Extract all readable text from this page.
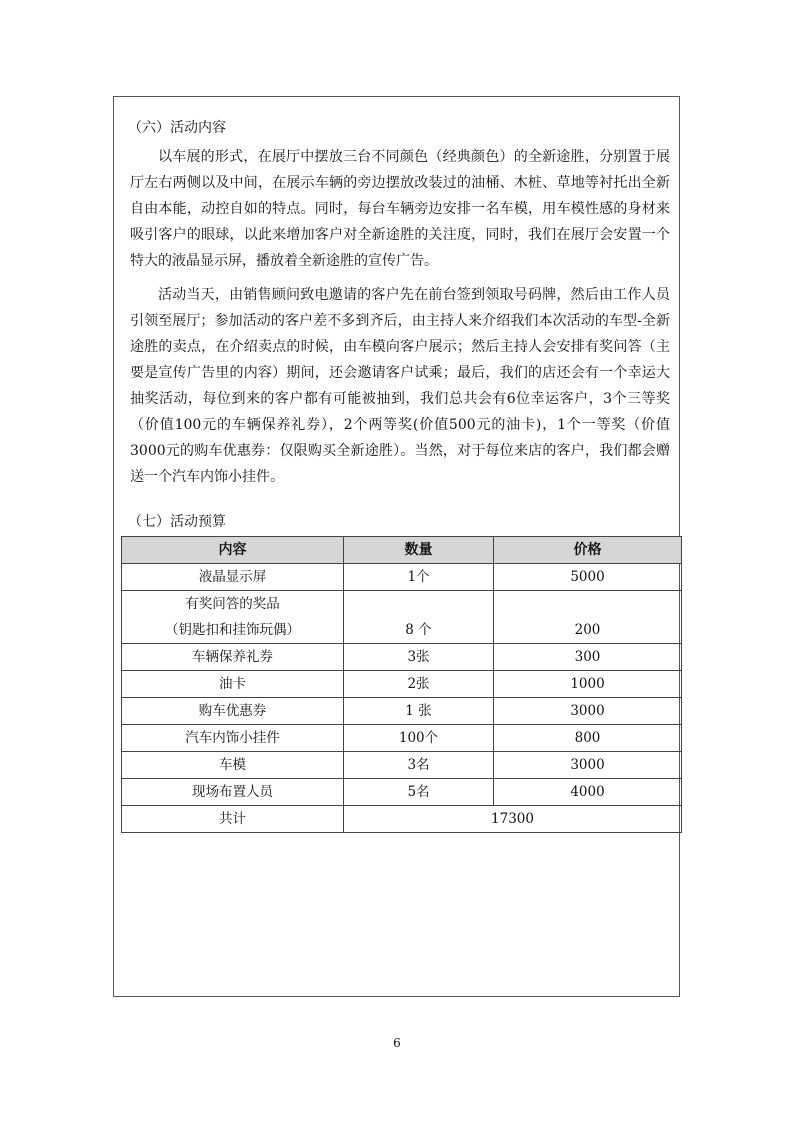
（六）活动内容

以车展的形式，在展厅中摆放三台不同颜色（经典颜色）的全新途胜，分别置于展厅左右两侧以及中间，在展示车辆的旁边摆放改装过的油桶、木桩、草地等衬托出全新自由本能，动控自如的特点。同时，每台车辆旁边安排一名车模，用车模性感的身材来吸引客户的眼球，以此来增加客户对全新途胜的关注度，同时，我们在展厅会安置一个特大的液晶显示屏，播放着全新途胜的宣传广告。

活动当天，由销售顾问致电邀请的客户先在前台签到领取号码牌，然后由工作人员引领至展厅；参加活动的客户差不多到齐后，由主持人来介绍我们本次活动的车型-全新途胜的卖点，在介绍卖点的时候，由车模向客户展示；然后主持人会安排有奖问答（主要是宣传广告里的内容）期间，还会邀请客户试乘；最后，我们的店还会有一个幸运大抽奖活动，每位到来的客户都有可能被抽到，我们总共会有6位幸运客户，3个三等奖（价值100元的车辆保养礼券），2个两等奖(价值500元的油卡)，1个一等奖（价值3000元的购车优惠券：仅限购买全新途胜）。当然，对于每位来店的客户，我们都会赠送一个汽车内饰小挂件。

（七）活动预算
内容	数量	价格
液晶显示屏	1个	5000

有奖问答的奖品
（钥匙扣和挂饰玩偶）	8 个	200
车辆保养礼券	3张	300
油卡	2张	1000
购车优惠券	1 张	3000
汽车内饰小挂件	100个	800
车模	3名	3000
现场布置人员	5名	4000
共计	17300	
6
